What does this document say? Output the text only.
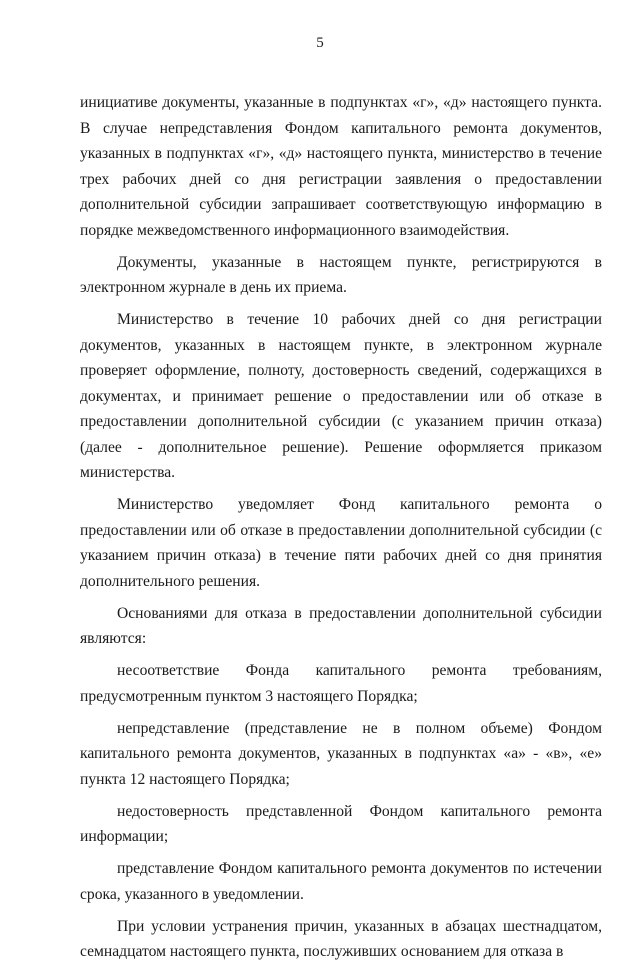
5

инициативе документы, указанные в подпунктах «г», «д» настоящего пункта. В случае непредставления Фондом капитального ремонта документов, указанных в подпунктах «г», «д» настоящего пункта, министерство в течение трех рабочих дней со дня регистрации заявления о предоставлении дополнительной субсидии запрашивает соответствующую информацию в порядке межведомственного информационного взаимодействия.

Документы, указанные в настоящем пункте, регистрируются в электронном журнале в день их приема.

Министерство в течение 10 рабочих дней со дня регистрации документов, указанных в настоящем пункте, в электронном журнале проверяет оформление, полноту, достоверность сведений, содержащихся в документах, и принимает решение о предоставлении или об отказе в предоставлении дополнительной субсидии (с указанием причин отказа) (далее - дополнительное решение). Решение оформляется приказом министерства.

Министерство уведомляет Фонд капитального ремонта о предоставлении или об отказе в предоставлении дополнительной субсидии (с указанием причин отказа) в течение пяти рабочих дней со дня принятия дополнительного решения.

Основаниями для отказа в предоставлении дополнительной субсидии являются:

несоответствие Фонда капитального ремонта требованиям, предусмотренным пунктом 3 настоящего Порядка;

непредставление (представление не в полном объеме) Фондом капитального ремонта документов, указанных в подпунктах «а» - «в», «е» пункта 12 настоящего Порядка;

недостоверность представленной Фондом капитального ремонта информации;

представление Фондом капитального ремонта документов по истечении срока, указанного в уведомлении.

При условии устранения причин, указанных в абзацах шестнадцатом, семнадцатом настоящего пункта, послуживших основанием для отказа в
